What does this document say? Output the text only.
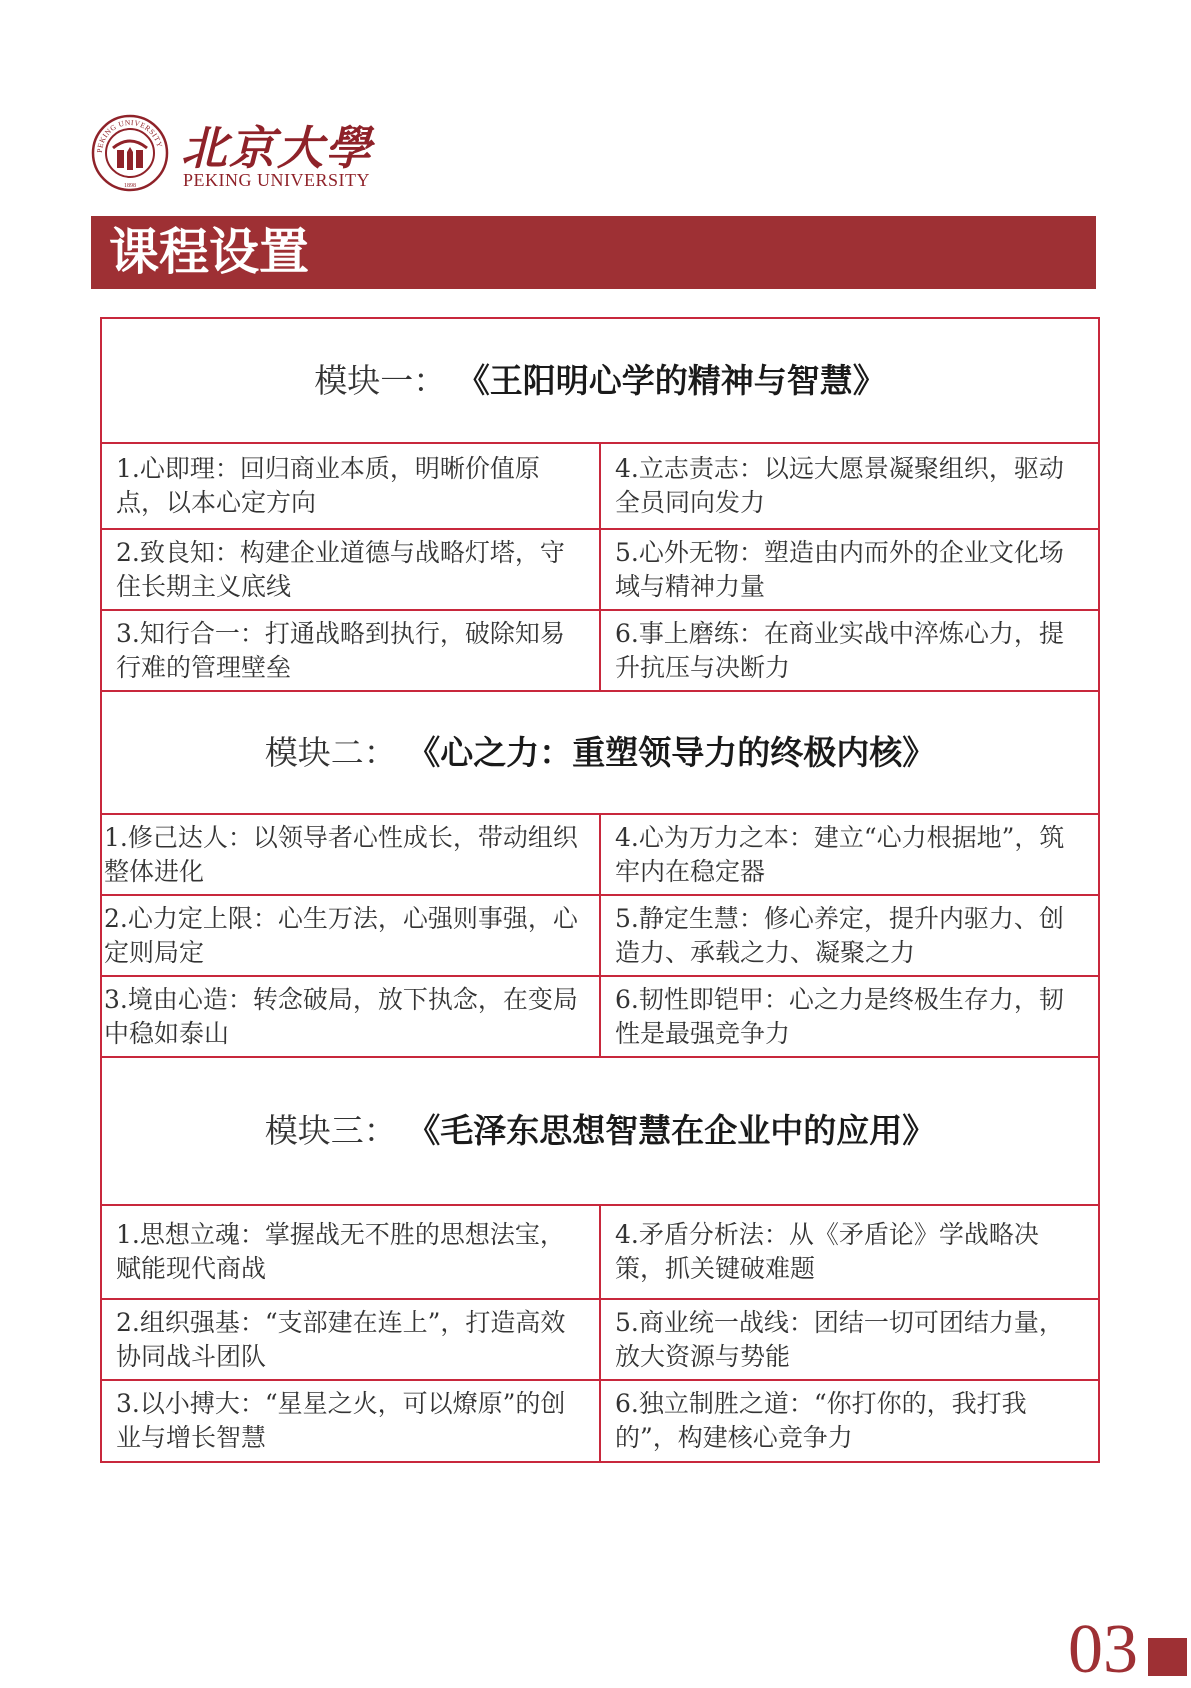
PEKING UNIVERSITY
1898
北京大學
PEKING UNIVERSITY
课程设置
模块一： 《王阳明心学的精神与智慧》	
1.心即理：回归商业本质，明晰价值原点，以本心定方向	4.立志责志：以远大愿景凝聚组织，驱动全员同向发力
2.致良知：构建企业道德与战略灯塔，守住长期主义底线	5.心外无物：塑造由内而外的企业文化场域与精神力量
3.知行合一：打通战略到执行，破除知易行难的管理壁垒	6.事上磨练：在商业实战中淬炼心力，提升抗压与决断力
模块二： 《心之力：重塑领导力的终极内核》	
1.修己达人：以领导者心性成长，带动组织整体进化	4.心为万力之本：建立“心力根据地”，筑牢内在稳定器
2.心力定上限：心生万法，心强则事强，心定则局定	5.静定生慧：修心养定，提升内驱力、创造力、承载之力、凝聚之力
3.境由心造：转念破局，放下执念，在变局中稳如泰山	6.韧性即铠甲：心之力是终极生存力，韧性是最强竞争力
模块三： 《毛泽东思想智慧在企业中的应用》	
1.思想立魂：掌握战无不胜的思想法宝，赋能现代商战	4.矛盾分析法：从《矛盾论》学战略决策，抓关键破难题
2.组织强基：“支部建在连上”，打造高效协同战斗团队	5.商业统一战线：团结一切可团结力量，放大资源与势能
3.以小搏大：“星星之火，可以燎原”的创业与增长智慧	6.独立制胜之道：“你打你的，我打我的”，构建核心竞争力
03
